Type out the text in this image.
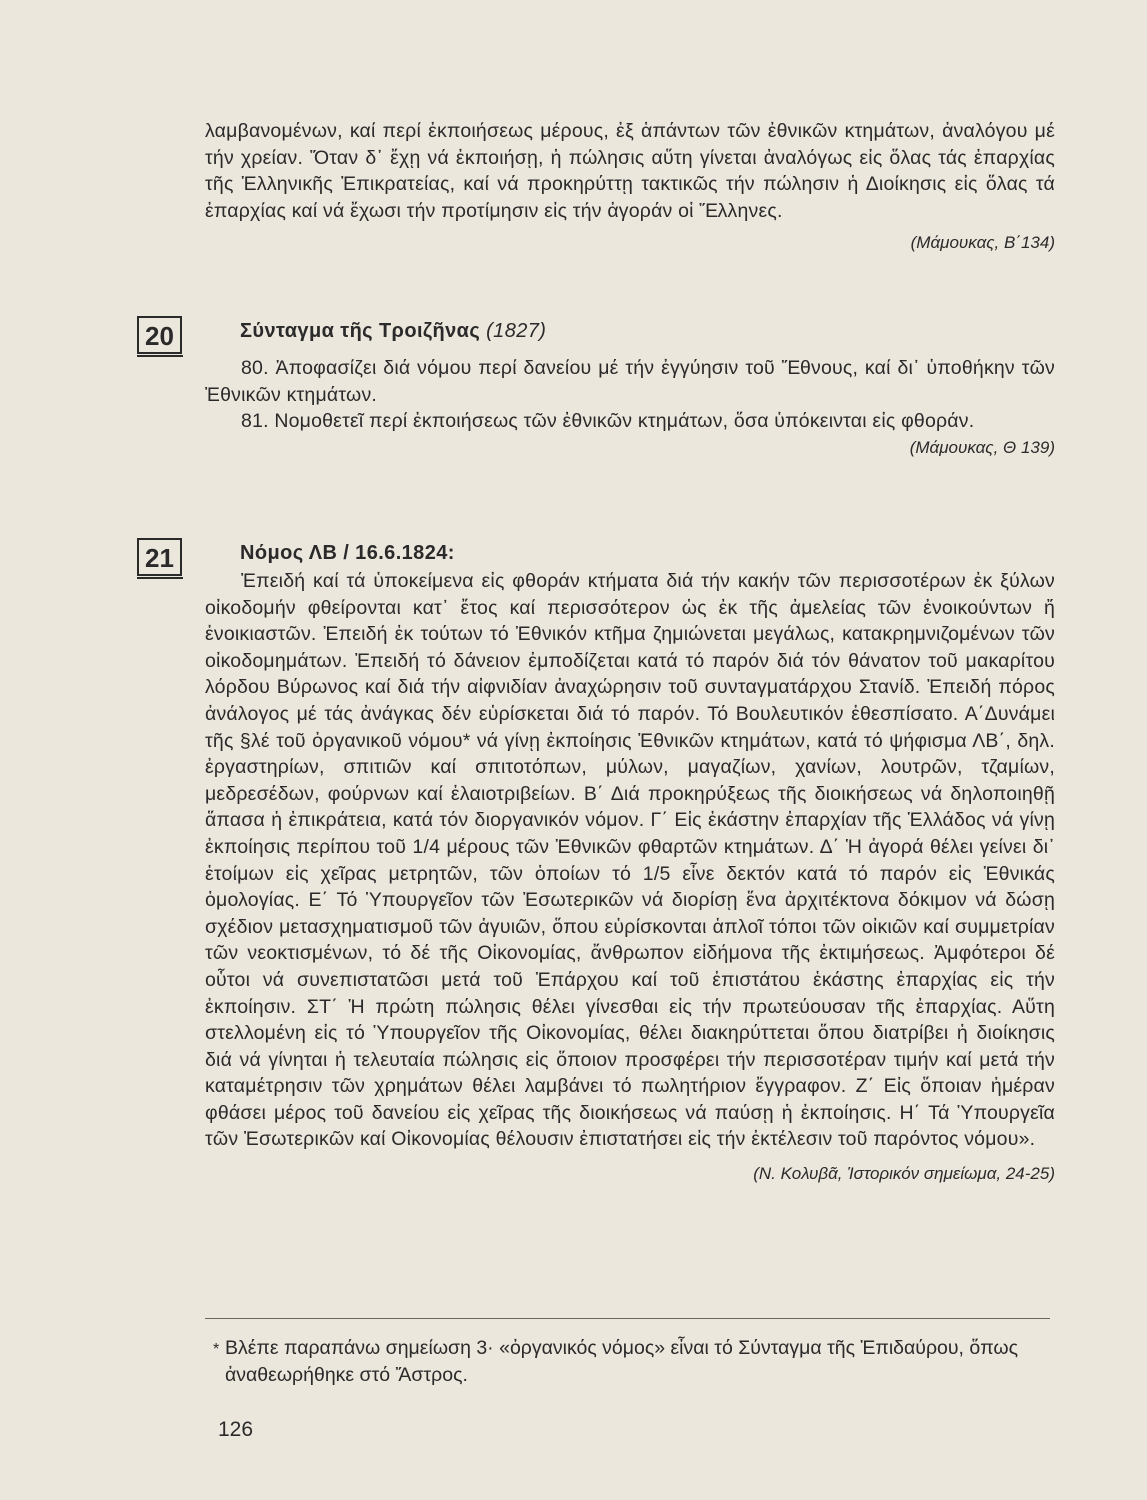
λαμβανομένων, καί περί ἐκποιήσεως μέρους, ἐξ ἁπάντων τῶν ἐθνικῶν κτημάτων, ἀναλόγου μέ τήν χρείαν. Ὅταν δ᾽ ἔχῃ νά ἐκποιήσῃ, ἡ πώλησις αὕτη γίνεται ἀναλόγως εἰς ὅλας τάς ἐπαρχίας τῆς Ἑλληνικῆς Ἐπικρατείας, καί νά προκηρύττῃ τακτικῶς τήν πώλησιν ἡ Διοίκησις εἰς ὅλας τά ἐπαρχίας καί νά ἔχωσι τήν προτίμησιν εἰς τήν ἀγοράν οἱ Ἕλληνες.

(Μάμουκας, Β΄134)

20	Σύνταγμα τῆς Τροιζῆνας (1827)

80. Ἀποφασίζει διά νόμου περί δανείου μέ τήν ἐγγύησιν τοῦ Ἔθνους, καί δι᾽ ὑποθήκην τῶν Ἐθνικῶν κτημάτων.

81. Νομοθετεῖ περί ἐκποιήσεως τῶν ἐθνικῶν κτημάτων, ὅσα ὑπόκεινται εἰς φθοράν.

(Μάμουκας, Θ 139)

21	Νόμος ΛΒ / 16.6.1824:

Ἐπειδή καί τά ὑποκείμενα εἰς φθοράν κτήματα διά τήν κακήν τῶν περισσοτέρων ἐκ ξύλων οἰκοδομήν φθείρονται κατ᾽ ἔτος καί περισσότερον ὡς ἐκ τῆς ἀμελείας τῶν ἐνοικούντων ἤ ἐνοικιαστῶν. Ἐπειδή ἐκ τούτων τό Ἐθνικόν κτῆμα ζημιώνεται μεγάλως, κατακρημνιζομένων τῶν οἰκοδομημάτων. Ἐπειδή τό δάνειον ἐμποδίζεται κατά τό παρόν διά τόν θάνατον τοῦ μακαρίτου λόρδου Βύρωνος καί διά τήν αἰφνιδίαν ἀναχώρησιν τοῦ συνταγματάρχου Στανίδ. Ἐπειδή πόρος ἀνάλογος μέ τάς ἀνάγκας δέν εὑρίσκεται διά τό παρόν. Τό Βουλευτικόν ἐθεσπίσατο. Α΄Δυνάμει τῆς §λέ τοῦ ὀργανικοῦ νόμου* νά γίνῃ ἐκποίησις Ἐθνικῶν κτημάτων, κατά τό ψήφισμα ΛΒ΄, δηλ. ἐργαστηρίων, σπιτιῶν καί σπιτοτόπων, μύλων, μαγαζίων, χανίων, λουτρῶν, τζαμίων, μεδρεσέδων, φούρνων καί ἐλαιοτριβείων. Β΄ Διά προκηρύξεως τῆς διοικήσεως νά δηλοποιηθῇ ἅπασα ἡ ἐπικράτεια, κατά τόν διοργανικόν νόμον. Γ΄ Εἰς ἑκάστην ἐπαρχίαν τῆς Ἑλλάδος νά γίνῃ ἐκποίησις περίπου τοῦ 1/4 μέρους τῶν Ἐθνικῶν φθαρτῶν κτημάτων. Δ΄ Ἡ ἀγορά θέλει γείνει δι᾽ ἑτοίμων εἰς χεῖρας μετρητῶν, τῶν ὁποίων τό 1/5 εἶνε δεκτόν κατά τό παρόν εἰς Ἐθνικάς ὁμολογίας. Ε΄ Τό Ὑπουργεῖον τῶν Ἐσωτερικῶν νά διορίσῃ ἕνα ἀρχιτέκτονα δόκιμον νά δώσῃ σχέδιον μετασχηματισμοῦ τῶν ἀγυιῶν, ὅπου εὑρίσκονται ἁπλοῖ τόποι τῶν οἰκιῶν καί συμμετρίαν τῶν νεοκτισμένων, τό δέ τῆς Οἰκονομίας, ἄνθρωπον εἰδήμονα τῆς ἐκτιμήσεως. Ἀμφότεροι δέ οὗτοι νά συνεπιστατῶσι μετά τοῦ Ἐπάρχου καί τοῦ ἐπιστάτου ἑκάστης ἐπαρχίας εἰς τήν ἐκποίησιν. ΣΤ΄ Ἡ πρώτη πώλησις θέλει γίνεσθαι εἰς τήν πρωτεύουσαν τῆς ἐπαρχίας. Αὕτη στελλομένη εἰς τό Ὑπουργεῖον τῆς Οἰκονομίας, θέλει διακηρύττεται ὅπου διατρίβει ἡ διοίκησις διά νά γίνηται ἡ τελευταία πώλησις εἰς ὅποιον προσφέρει τήν περισσοτέραν τιμήν καί μετά τήν καταμέτρησιν τῶν χρημάτων θέλει λαμβάνει τό πωλητήριον ἔγγραφον. Ζ΄ Εἰς ὅποιαν ἡμέραν φθάσει μέρος τοῦ δανείου εἰς χεῖρας τῆς διοικήσεως νά παύσῃ ἡ ἐκποίησις. Η΄ Τά Ὑπουργεῖα τῶν Ἐσωτερικῶν καί Οἰκονομίας θέλουσιν ἐπιστατήσει εἰς τήν ἐκτέλεσιν τοῦ παρόντος νόμου».

(Ν. Κολυβᾶ, Ἱστορικόν σημείωμα, 24-25)

* Βλέπε παραπάνω σημείωση 3· «ὀργανικός νόμος» εἶναι τό Σύνταγμα τῆς Ἐπιδαύρου, ὅπως ἀναθεωρήθηκε στό Ἄστρος.
126
